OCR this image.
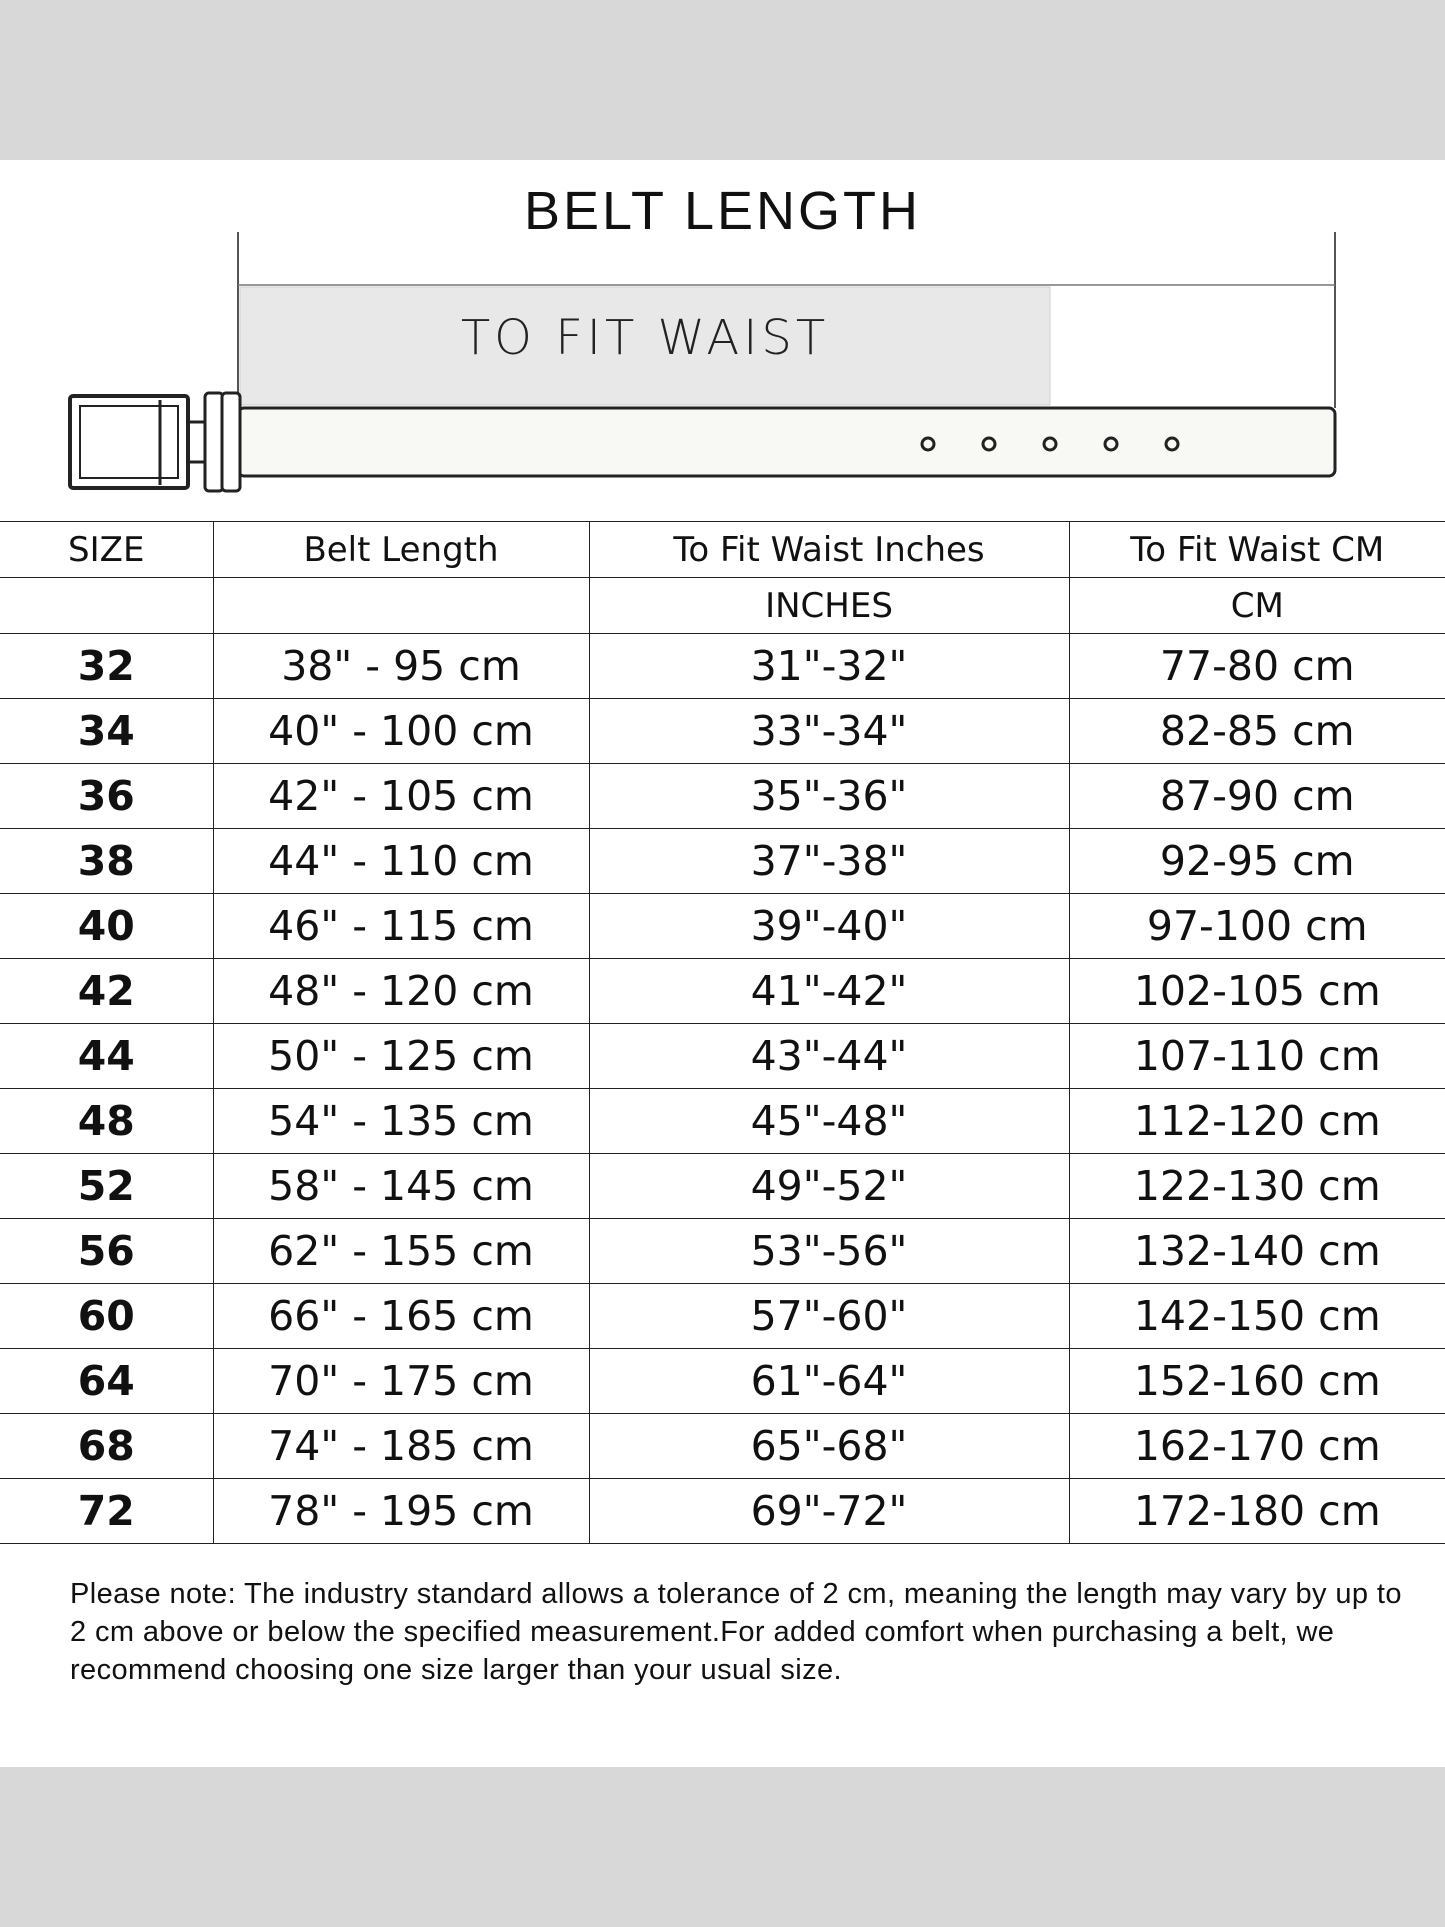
BELT LENGTH
TO FIT WAIST
SIZE	Belt Length	To Fit Waist Inches	To Fit Waist CM
		INCHES	CM
32	38" - 95 cm	31"-32"	77-80 cm
34	40" - 100 cm	33"-34"	82-85 cm
36	42" - 105 cm	35"-36"	87-90 cm
38	44" - 110 cm	37"-38"	92-95 cm
40	46" - 115 cm	39"-40"	97-100 cm
42	48" - 120 cm	41"-42"	102-105 cm
44	50" - 125 cm	43"-44"	107-110 cm
48	54" - 135 cm	45"-48"	112-120 cm
52	58" - 145 cm	49"-52"	122-130 cm
56	62" - 155 cm	53"-56"	132-140 cm
60	66" - 165 cm	57"-60"	142-150 cm
64	70" - 175 cm	61"-64"	152-160 cm
68	74" - 185 cm	65"-68"	162-170 cm
72	78" - 195 cm	69"-72"	172-180 cm
Please note: The industry standard allows a tolerance of 2 cm, meaning the length may vary by up to 2 cm above or below the specified measurement.For added comfort when purchasing a belt, we recommend choosing one size larger than your usual size.
